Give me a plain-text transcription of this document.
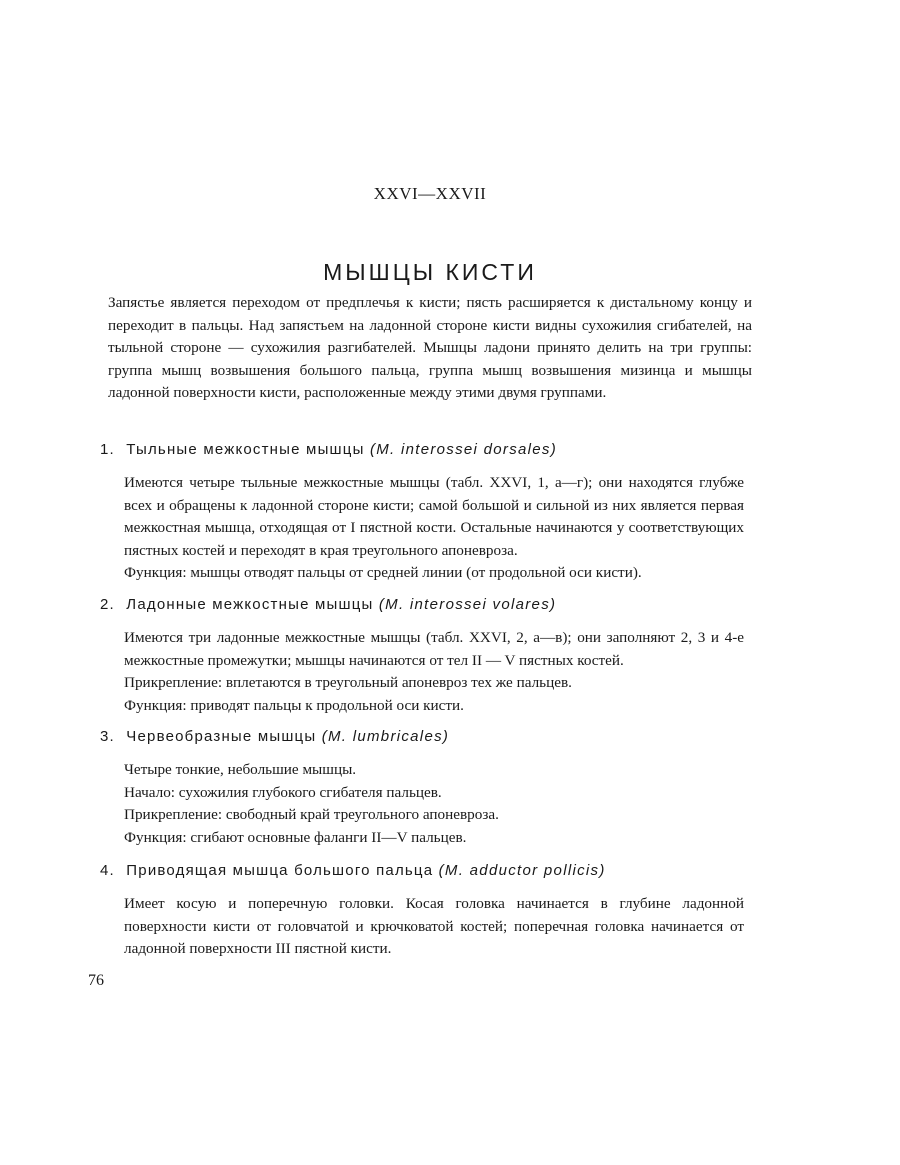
XXVI—XXVII
МЫШЦЫ КИСТИ

Запястье является переходом от предплечья к кисти; пясть расширяется к дистальному концу и переходит в пальцы. Над запястьем на ладонной стороне кисти видны сухожилия сгибателей, на тыльной стороне — сухожилия разгибателей. Мышцы ладони принято делить на три группы: группа мышц возвышения большого пальца, группа мышц возвышения мизинца и мышцы ладонной поверхности кисти, расположенные между этими двумя группами.

1. Тыльные межкостные мышцы (M. interossei dorsales)

Имеются четыре тыльные межкостные мышцы (табл. XXVI, 1, а—г); они находятся глубже всех и обращены к ладонной стороне кисти; самой большой и сильной из них является первая межкостная мышца, отходящая от I пястной кости. Остальные начинаются у соответствующих пястных костей и переходят в края треугольного апоневроза.

Функция: мышцы отводят пальцы от средней линии (от продольной оси кисти).

2. Ладонные межкостные мышцы (M. interossei volares)

Имеются три ладонные межкостные мышцы (табл. XXVI, 2, а—в); они заполняют 2, 3 и 4-е межкостные промежутки; мышцы начинаются от тел II — V пястных костей.

Прикрепление: вплетаются в треугольный апоневроз тех же пальцев.

Функция: приводят пальцы к продольной оси кисти.

3. Червеобразные мышцы (M. lumbricales)

Четыре тонкие, небольшие мышцы.

Начало: сухожилия глубокого сгибателя пальцев.

Прикрепление: свободный край треугольного апоневроза.

Функция: сгибают основные фаланги II—V пальцев.

4. Приводящая мышца большого пальца (M. adductor pollicis)

Имеет косую и поперечную головки. Косая головка начинается в глубине ладонной поверхности кисти от головчатой и крючковатой костей; поперечная головка начинается от ладонной поверхности III пястной кисти.

76
